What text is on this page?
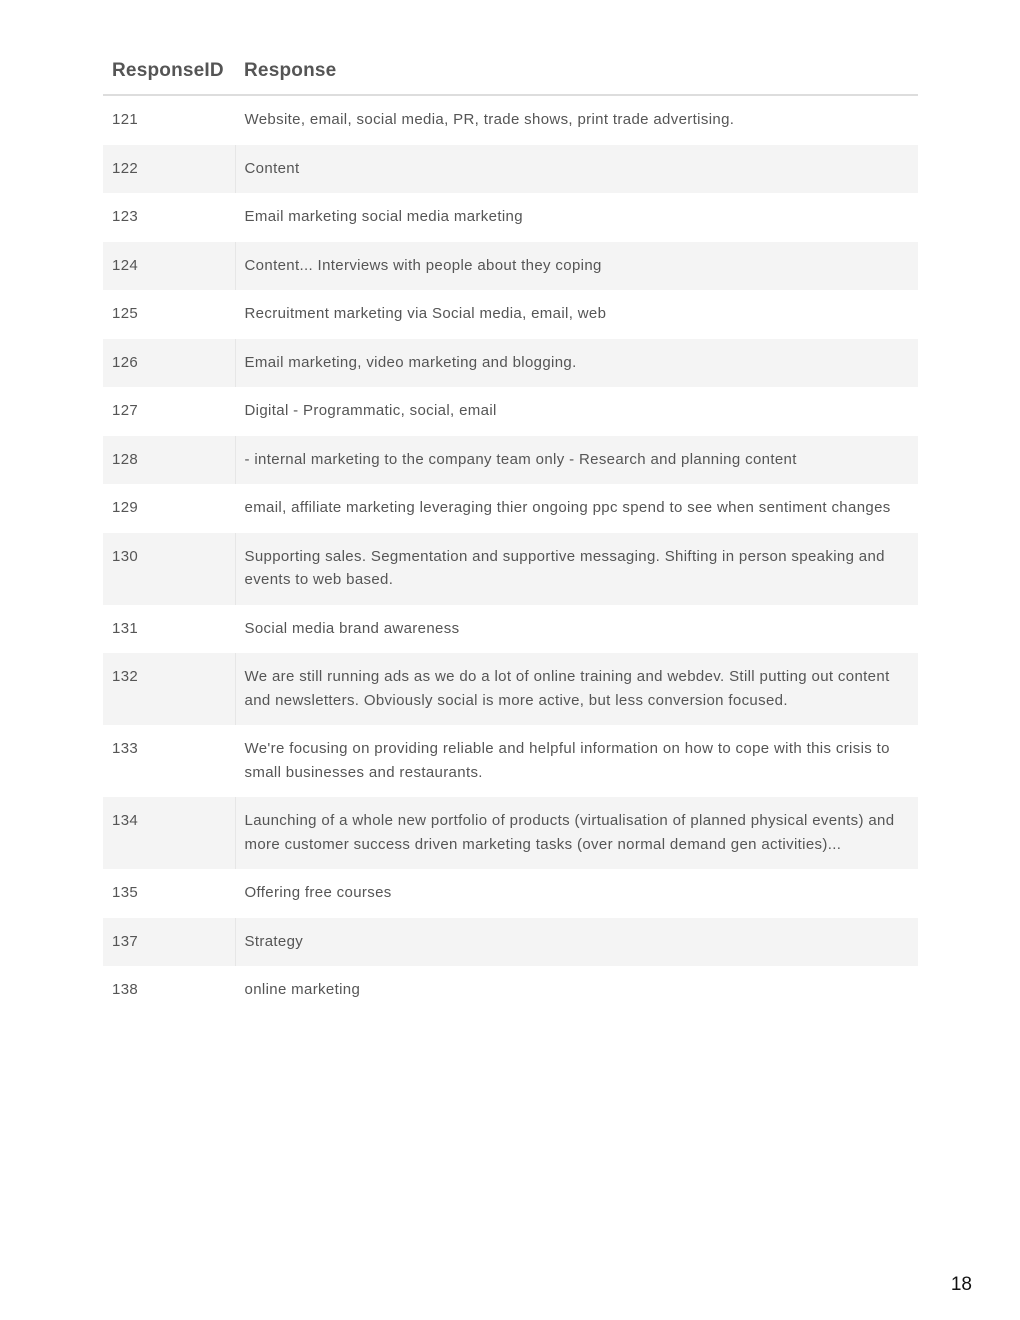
ResponseID	Response
121	Website, email, social media, PR, trade shows, print trade advertising.
122	Content
123	Email marketing social media marketing
124	Content... Interviews with people about they coping
125	Recruitment marketing via Social media, email, web
126	Email marketing, video marketing and blogging.
127	Digital - Programmatic, social, email
128	- internal marketing to the company team only - Research and planning content
129	email, affiliate marketing leveraging thier ongoing ppc spend to see when sentiment changes
130	Supporting sales. Segmentation and supportive messaging. Shifting in person speaking and events to web based.
131	Social media brand awareness
132	We are still running ads as we do a lot of online training and webdev. Still putting out content and newsletters. Obviously social is more active, but less conversion focused.
133	We're focusing on providing reliable and helpful information on how to cope with this crisis to small businesses and restaurants.
134	Launching of a whole new portfolio of products (virtualisation of planned physical events) and more customer success driven marketing tasks (over normal demand gen activities)...
135	Offering free courses
137	Strategy
138	online marketing
18
